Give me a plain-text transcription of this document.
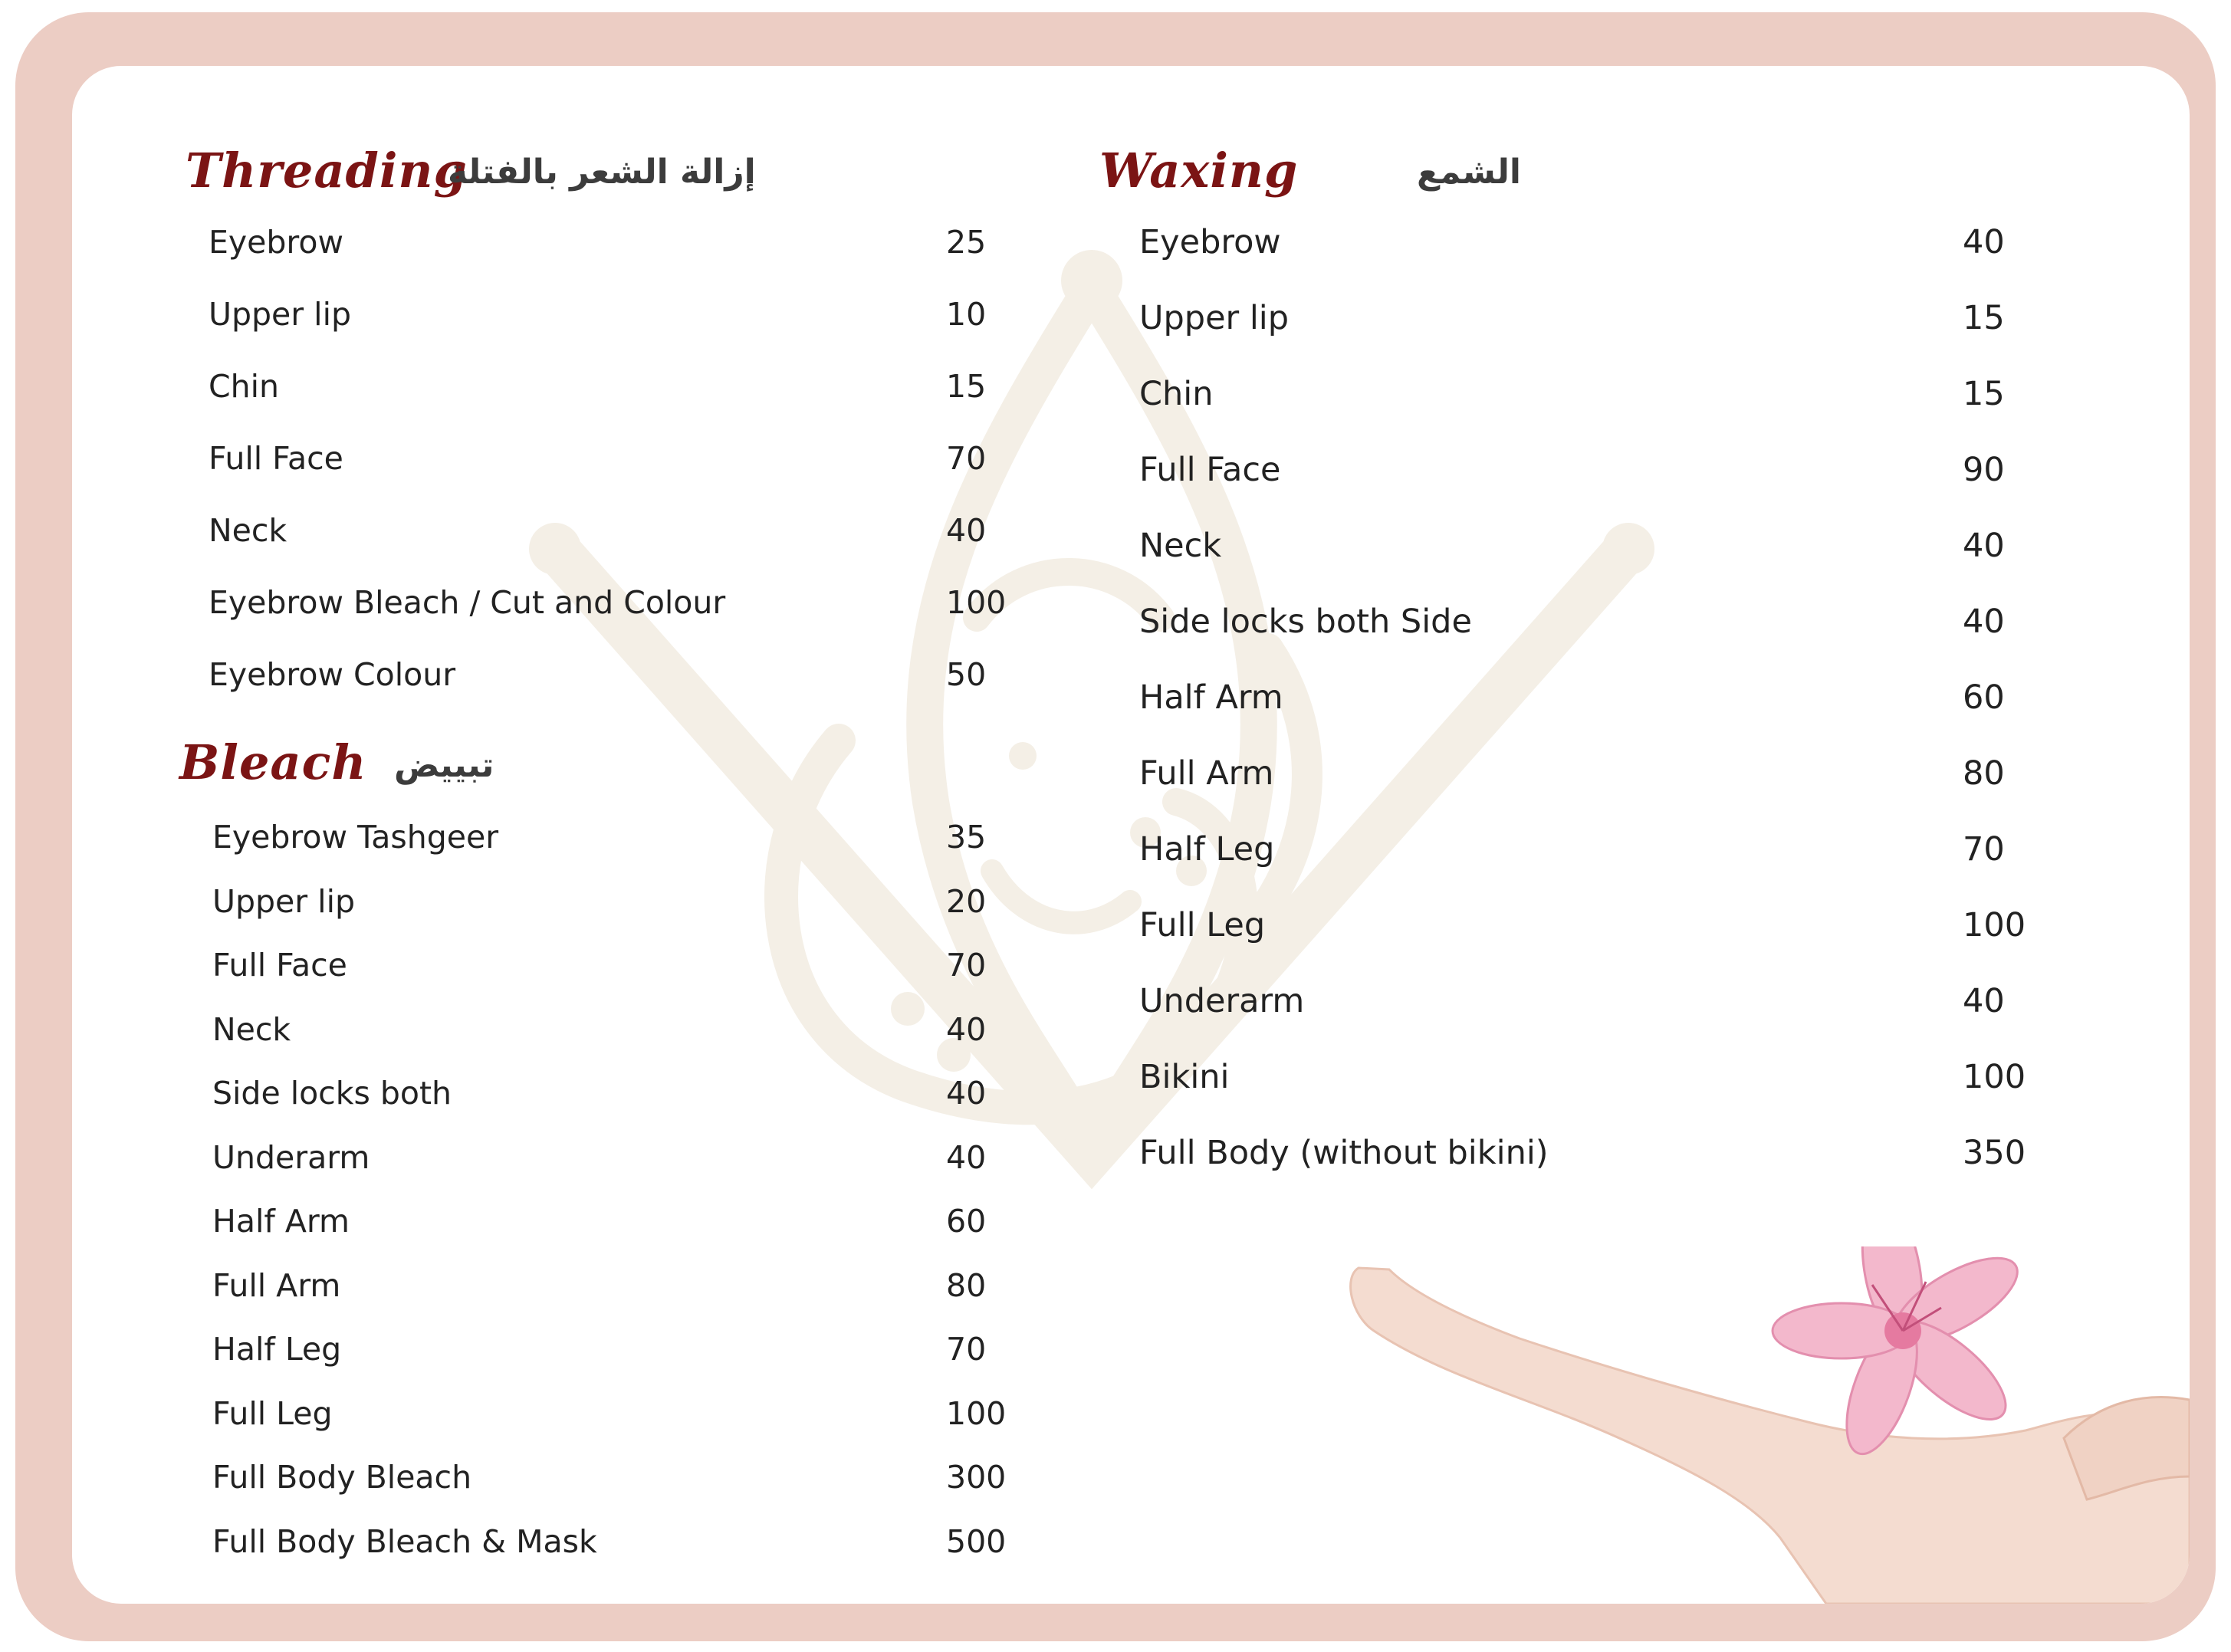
Threading
إزالة الشعر بالفتلة
Eyebrow	25
Upper lip	10
Chin	15
Full Face	70
Neck	40
Eyebrow Bleach / Cut and Colour	100
Eyebrow Colour	50
Bleach تبييض
Eyebrow Tashgeer	35
Upper lip	20
Full Face	70
Neck	40
Side locks both	40
Underarm	40
Half Arm	60
Full Arm	80
Half Leg	70
Full Leg	100
Full Body Bleach	300
Full Body Bleach & Mask	500
Waxing	الشمع
Eyebrow	40
Upper lip	15
Chin	15
Full Face	90
Neck	40
Side locks both Side	40
Half Arm	60
Full Arm	80
Half Leg	70
Full Leg	100
Underarm	40
Bikini	100
Full Body (without bikini)	350
